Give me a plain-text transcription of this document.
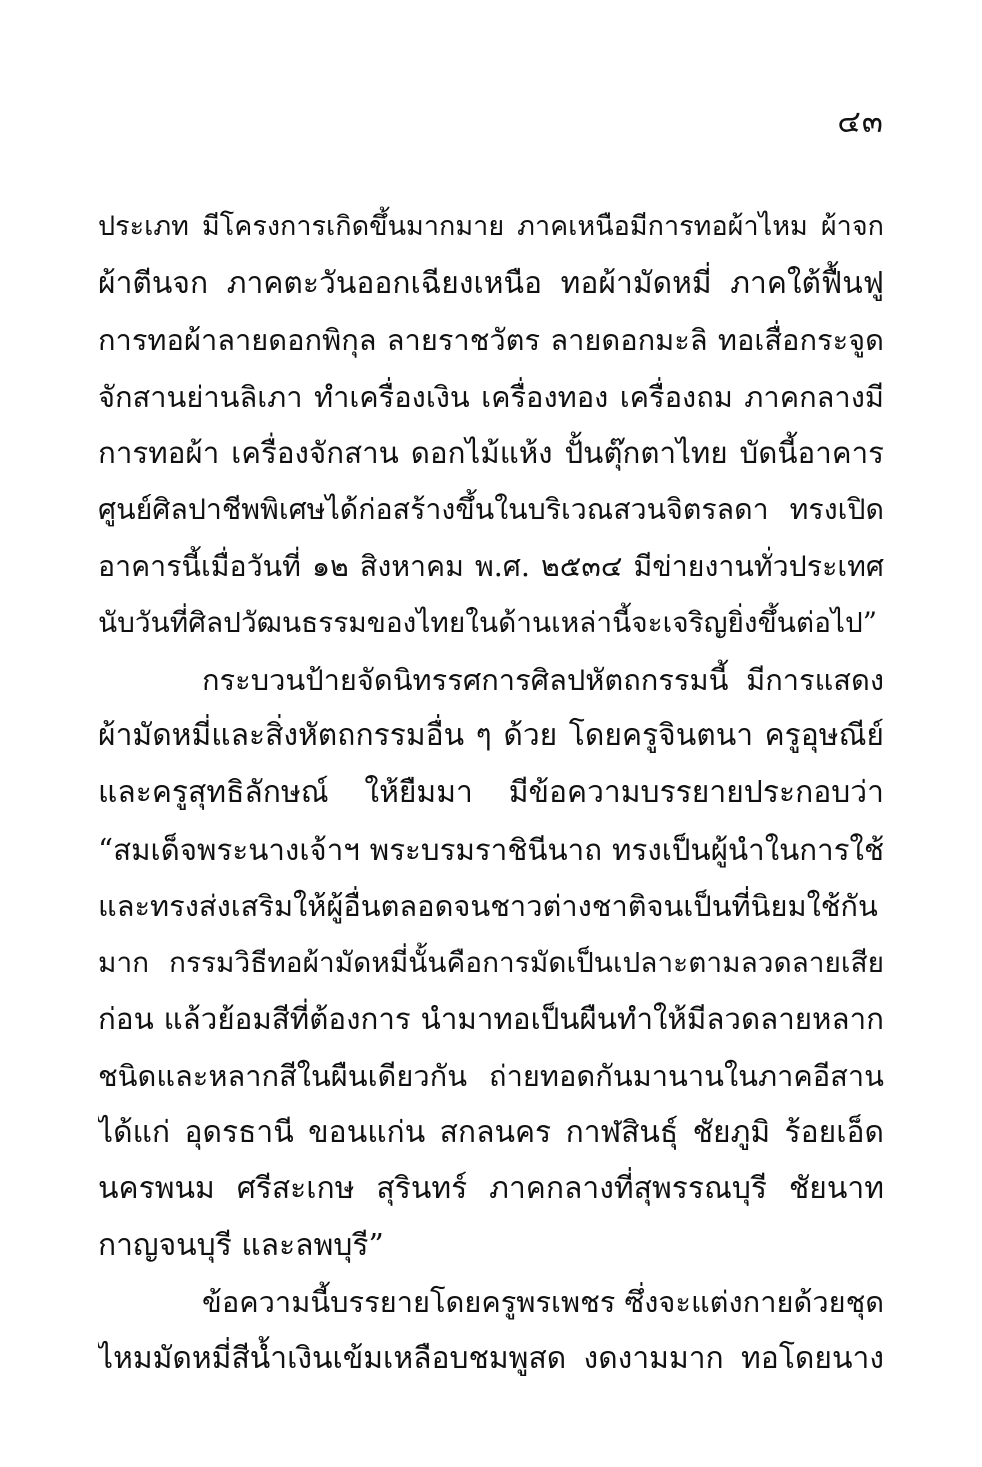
๔๓
ประเภท มีโครงการเกิดขึ้นมากมาย ภาคเหนือมีการทอผ้าไหม ผ้าจก
ผ้าตีนจก ภาคตะวันออกเฉียงเหนือ ทอผ้ามัดหมี่ ภาคใต้ฟื้นฟู
การทอผ้าลายดอกพิกุล ลายราชวัตร ลายดอกมะลิ ทอเสื่อกระจูด
จักสานย่านลิเภา ทำเครื่องเงิน เครื่องทอง เครื่องถม ภาคกลางมี
การทอผ้า เครื่องจักสาน ดอกไม้แห้ง ปั้นตุ๊กตาไทย บัดนี้อาคาร
ศูนย์ศิลปาชีพพิเศษได้ก่อสร้างขึ้นในบริเวณสวนจิตรลดา ทรงเปิด
อาคารนี้เมื่อวันที่ ๑๒ สิงหาคม พ.ศ. ๒๕๓๔ มีข่ายงานทั่วประเทศ
นับวันที่ศิลปวัฒนธรรมของไทยในด้านเหล่านี้จะเจริญยิ่งขึ้นต่อไป”
กระบวนป้ายจัดนิทรรศการศิลปหัตถกรรมนี้ มีการแสดง
ผ้ามัดหมี่และสิ่งหัตถกรรมอื่น ๆ ด้วย โดยครูจินตนา ครูอุษณีย์
และครูสุทธิลักษณ์ ให้ยืมมา มีข้อความบรรยายประกอบว่า
“สมเด็จพระนางเจ้าฯ พระบรมราชินีนาถ ทรงเป็นผู้นำในการใช้
และทรงส่งเสริมให้ผู้อื่นตลอดจนชาวต่างชาติจนเป็นที่นิยมใช้กัน
มาก กรรมวิธีทอผ้ามัดหมี่นั้นคือการมัดเป็นเปลาะตามลวดลายเสีย
ก่อน แล้วย้อมสีที่ต้องการ นำมาทอเป็นผืนทำให้มีลวดลายหลาก
ชนิดและหลากสีในผืนเดียวกัน ถ่ายทอดกันมานานในภาคอีสาน
ได้แก่ อุดรธานี ขอนแก่น สกลนคร กาฬสินธุ์ ชัยภูมิ ร้อยเอ็ด
นครพนม ศรีสะเกษ สุรินทร์ ภาคกลางที่สุพรรณบุรี ชัยนาท
กาญจนบุรี และลพบุรี”
ข้อความนี้บรรยายโดยครูพรเพชร ซึ่งจะแต่งกายด้วยชุด
ไหมมัดหมี่สีน้ำเงินเข้มเหลือบชมพูสด งดงามมาก ทอโดยนาง
